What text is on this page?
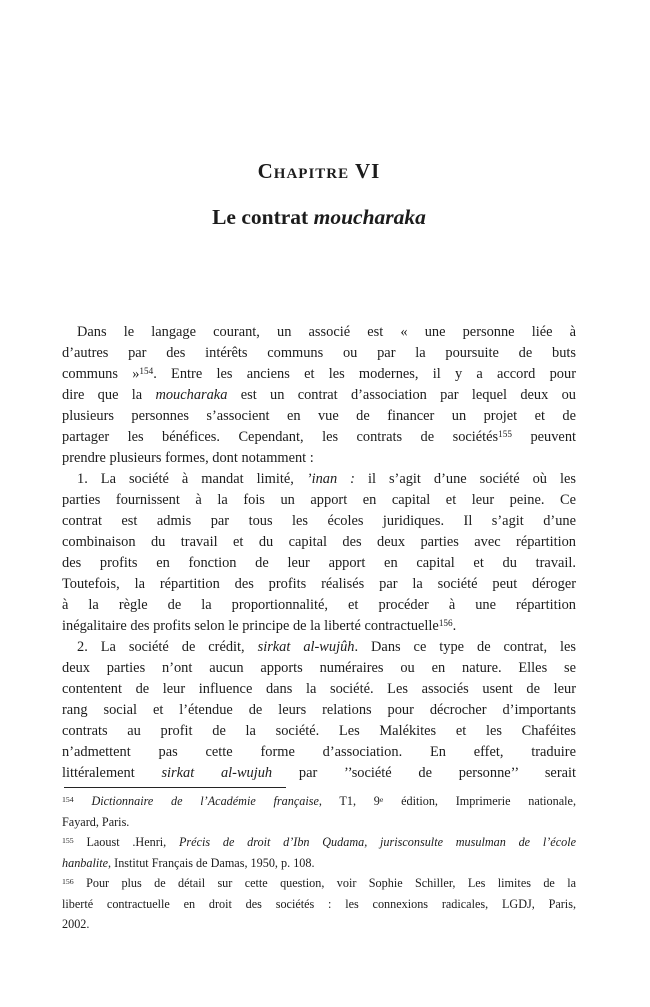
Chapitre VI
Le contrat moucharaka
Dans le langage courant, un associé est « une personne liée à
d’autres par des intérêts communs ou par la poursuite de buts
communs »$^{154}$. Entre les anciens et les modernes, il y a accord pour
dire que la moucharaka est un contrat d’association par lequel deux ou
plusieurs personnes s’associent en vue de financer un projet et de
partager les bénéfices. Cependant, les contrats de sociétés$^{155}$ peuvent
prendre plusieurs formes, dont notamment :
1. La société à mandat limité, ’inan : il s’agit d’une société où les
parties fournissent à la fois un apport en capital et leur peine. Ce
contrat est admis par tous les écoles juridiques. Il s’agit d’une
combinaison du travail et du capital des deux parties avec répartition
des profits en fonction de leur apport en capital et du travail.
Toutefois, la répartition des profits réalisés par la société peut déroger
à la règle de la proportionnalité, et procéder à une répartition
inégalitaire des profits selon le principe de la liberté contractuelle$^{156}$.
2. La société de crédit, sirkat al-wujûh. Dans ce type de contrat, les
deux parties n’ont aucun apports numéraires ou en nature. Elles se
contentent de leur influence dans la société. Les associés usent de leur
rang social et l’étendue de leurs relations pour décrocher d’importants
contrats au profit de la société. Les Malékites et les Chaféites
n’admettent pas cette forme d’association. En effet, traduire
littéralement sirkat al-wujuh par ’’société de personne’’ serait
$^{154}$ Dictionnaire de l’Académie française, T1, 9e édition, Imprimerie nationale,
Fayard, Paris.
$^{155}$ Laoust .Henri, Précis de droit d’Ibn Qudama, jurisconsulte musulman de l’école
hanbalite, Institut Français de Damas, 1950, p. 108.
$^{156}$ Pour plus de détail sur cette question, voir Sophie Schiller, Les limites de la
liberté contractuelle en droit des sociétés : les connexions radicales, LGDJ, Paris,
2002.
